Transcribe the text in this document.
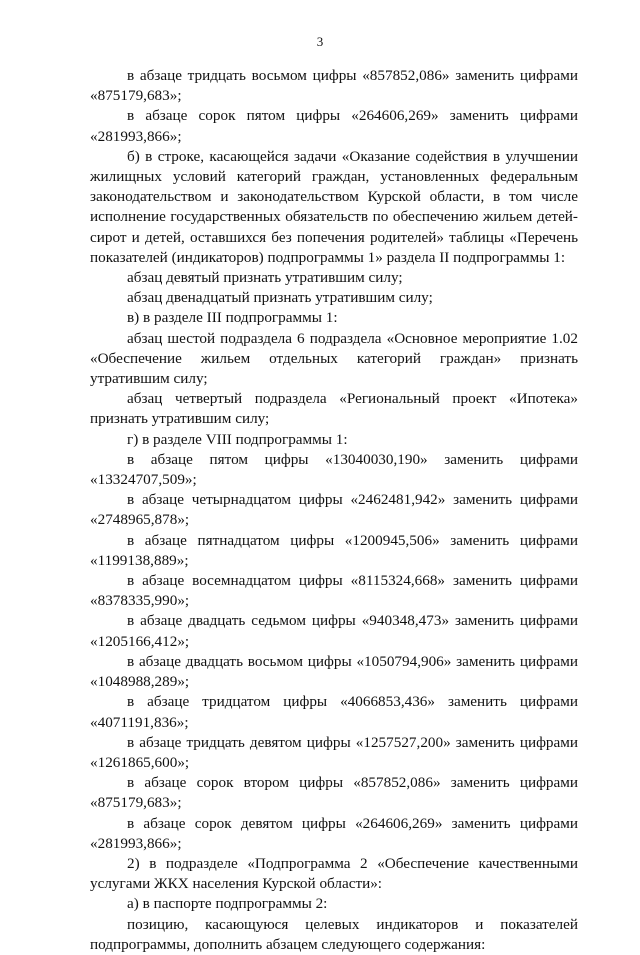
3

в абзаце тридцать восьмом цифры «857852,086» заменить цифрами «875179,683»;

в абзаце сорок пятом цифры «264606,269» заменить цифрами «281993,866»;

б) в строке, касающейся задачи «Оказание содействия в улучшении жилищных условий категорий граждан, установленных федеральным законодательством и законодательством Курской области, в том числе исполнение государственных обязательств по обеспечению жильем детей-сирот и детей, оставшихся без попечения родителей» таблицы «Перечень показателей (индикаторов) подпрограммы 1» раздела II подпрограммы 1:

абзац девятый признать утратившим силу;

абзац двенадцатый признать утратившим силу;

в) в разделе III подпрограммы 1:

абзац шестой подраздела 6 подраздела «Основное мероприятие 1.02 «Обеспечение жильем отдельных категорий граждан» признать утратившим силу;

абзац четвертый подраздела «Региональный проект «Ипотека» признать утратившим силу;

г) в разделе VIII подпрограммы 1:

в абзаце пятом цифры «13040030,190» заменить цифрами «13324707,509»;

в абзаце четырнадцатом цифры «2462481,942» заменить цифрами «2748965,878»;

в абзаце пятнадцатом цифры «1200945,506» заменить цифрами «1199138,889»;

в абзаце восемнадцатом цифры «8115324,668» заменить цифрами «8378335,990»;

в абзаце двадцать седьмом цифры «940348,473» заменить цифрами «1205166,412»;

в абзаце двадцать восьмом цифры «1050794,906» заменить цифрами «1048988,289»;

в абзаце тридцатом цифры «4066853,436» заменить цифрами «4071191,836»;

в абзаце тридцать девятом цифры «1257527,200» заменить цифрами «1261865,600»;

в абзаце сорок втором цифры «857852,086» заменить цифрами «875179,683»;

в абзаце сорок девятом цифры «264606,269» заменить цифрами «281993,866»;

2) в подразделе «Подпрограмма 2 «Обеспечение качественными услугами ЖКХ населения Курской области»:

а) в паспорте подпрограммы 2:

позицию, касающуюся целевых индикаторов и показателей подпрограммы, дополнить абзацем следующего содержания:
